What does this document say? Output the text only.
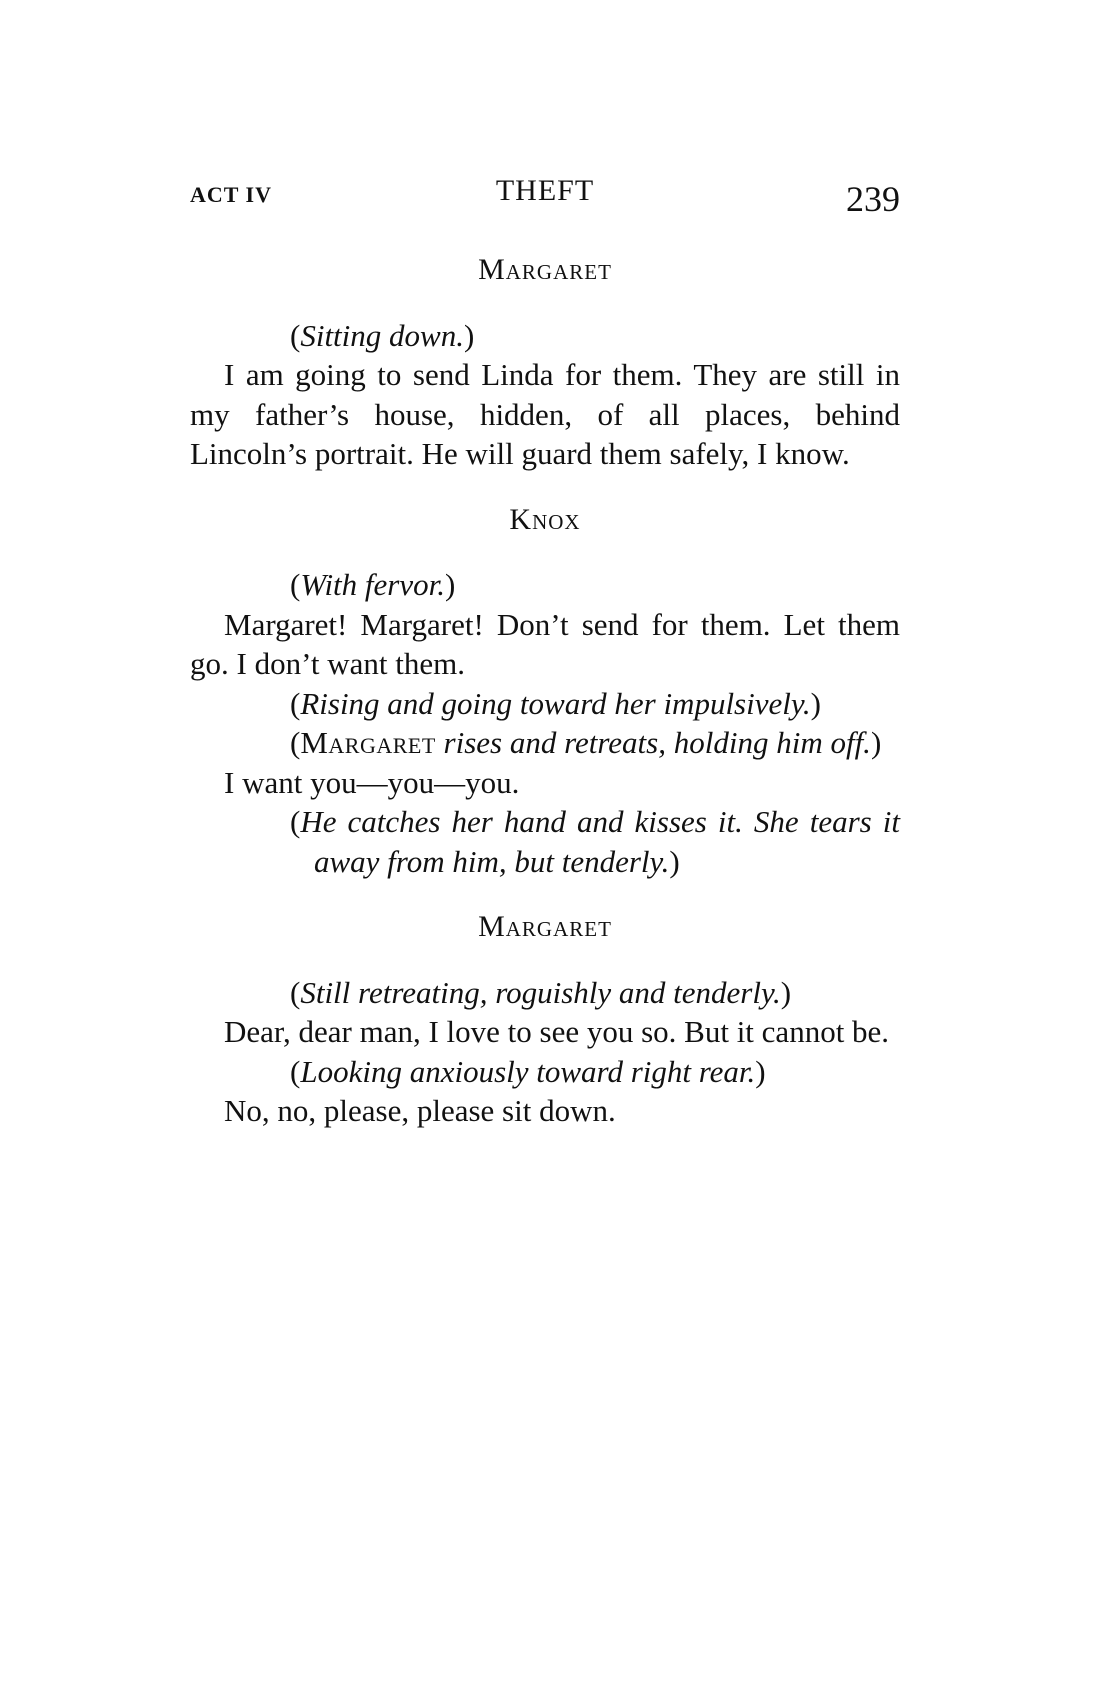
ACT IV	THEFT	239
Margaret
(Sitting down.)
I am going to send Linda for them. They are still in my father’s house, hidden, of all places, behind Lincoln’s portrait. He will guard them safely, I know.
Knox
(With fervor.)
Margaret! Margaret! Don’t send for them. Let them go. I don’t want them.
(Rising and going toward her impulsively.)
(Margaret rises and retreats, holding him off.)
I want you—you—you.
(He catches her hand and kisses it. She tears it away from him, but tenderly.)
Margaret
(Still retreating, roguishly and tenderly.)
Dear, dear man, I love to see you so. But it cannot be.
(Looking anxiously toward right rear.)
No, no, please, please sit down.
